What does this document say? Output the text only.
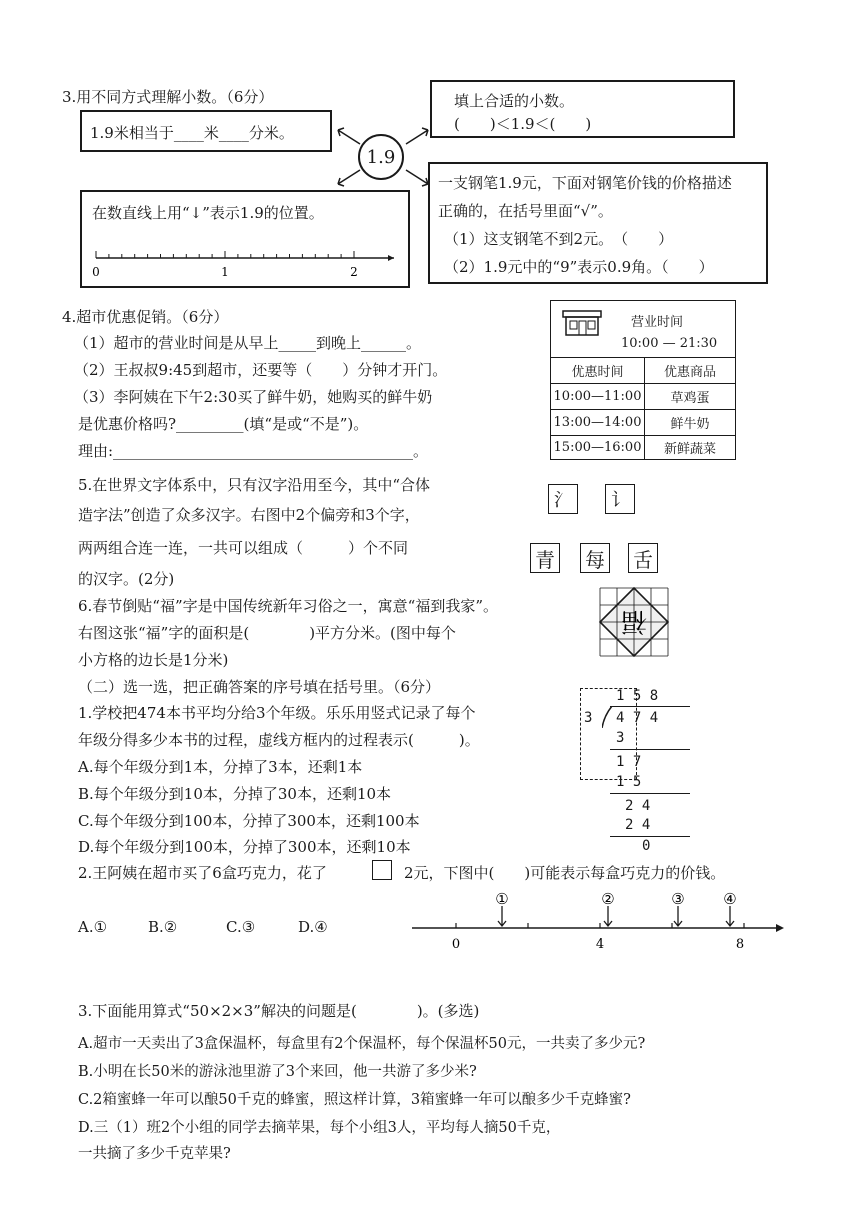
3.用不同方式理解小数。（6分）
1.9米相当于____米____分米。
填上合适的小数。
(　　)＜1.9＜(　　)
1.9
一支钢笔1.9元，下面对钢笔价钱的价格描述
正确的，在括号里面“√”。
（1）这支钢笔不到2元。　（　　）
（2）1.9元中的“9”表示0.9角。（　　）
在数直线上用“↓”表示1.9的位置。
0	1	2
4.超市优惠促销。（6分）
（1）超市的营业时间是从早上_____到晚上______。
（2）王叔叔9:45到超市，还要等（　　）分钟才开门。
（3）李阿姨在下午2:30买了鲜牛奶，她购买的鲜牛奶
是优惠价格吗?_________(填“是或“不是”)。
理由:________________________________________。
营业时间
10:00 — 21:30
优惠时间	优惠商品
10:00—11:00	草鸡蛋
13:00—14:00	鲜牛奶
15:00—16:00	新鲜蔬菜
5.在世界文字体系中，只有汉字沿用至今，其中“合体
造字法”创造了众多汉字。右图中2个偏旁和3个字，
两两组合连一连，一共可以组成（　　　）个不同
的汉字。(2分)
氵	讠
青 每 舌
6.春节倒贴“福”字是中国传统新年习俗之一，寓意“福到我家”。
右图这张“福”字的面积是(　　　　)平方分米。(图中每个
小方格的边长是1分米)
福
（二）选一选，把正确答案的序号填在括号里。（6分）
1.学校把474本书平均分给3个年级。乐乐用竖式记录了每个
年级分得多少本书的过程，虚线方框内的过程表示(　　　)。
A.每个年级分到1本，分掉了3本，还剩1本
B.每个年级分到10本，分掉了30本，还剩10本
C.每个年级分到100本，分掉了300本，还剩100本
D.每个年级分到100本，分掉了300本，还剩10本
1 5 8
3 4 7 4
3
1 7
1 5
2 4
2 4
0
2.王阿姨在超市买了6盒巧克力，花了	2元，下图中(　　)可能表示每盒巧克力的价钱。
A.①	B.②	C.③	D.④
0	4	8
①	②	③	④
3.下面能用算式“50×2×3”解决的问题是(　　　　)。(多选)
A.超市一天卖出了3盒保温杯，每盒里有2个保温杯，每个保温杯50元，一共卖了多少元?
B.小明在长50米的游泳池里游了3个来回，他一共游了多少米?
C.2箱蜜蜂一年可以酿50千克的蜂蜜，照这样计算，3箱蜜蜂一年可以酿多少千克蜂蜜?
D.三（1）班2个小组的同学去摘苹果，每个小组3人，平均每人摘50千克，
一共摘了多少千克苹果?
